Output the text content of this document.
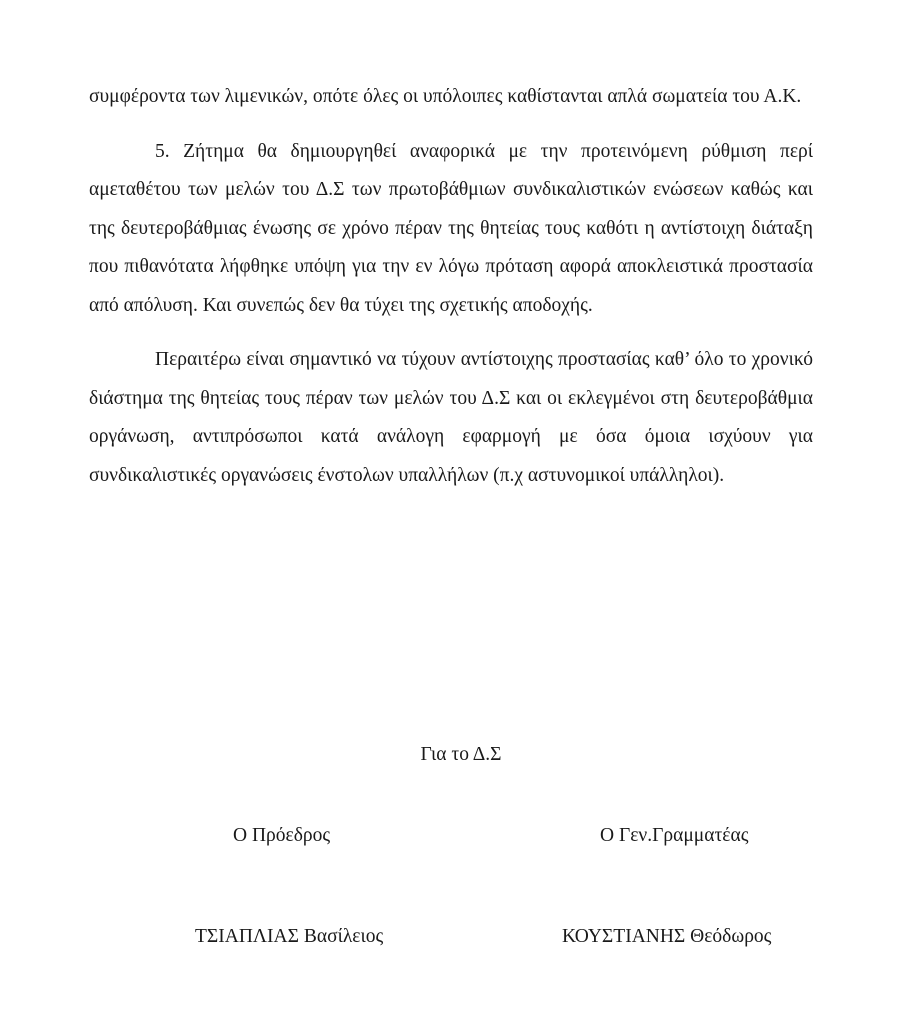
συμφέροντα των λιμενικών, οπότε όλες οι υπόλοιπες καθίστανται απλά σωματεία του Α.Κ.

5. Ζήτημα θα δημιουργηθεί αναφορικά με την προτεινόμενη ρύθμιση περί αμεταθέτου των μελών του Δ.Σ των πρωτοβάθμιων συνδικαλιστικών ενώσεων καθώς και της δευτεροβάθμιας ένωσης σε χρόνο πέραν της θητείας τους καθότι η αντίστοιχη διάταξη που πιθανότατα λήφθηκε υπόψη για την εν λόγω πρόταση αφορά αποκλειστικά προστασία από απόλυση. Και συνεπώς δεν θα τύχει της σχετικής αποδοχής.

Περαιτέρω είναι σημαντικό να τύχουν αντίστοιχης προστασίας καθ’ όλο το χρονικό διάστημα της θητείας τους πέραν των μελών του Δ.Σ και οι εκλεγμένοι στη δευτεροβάθμια οργάνωση, αντιπρόσωποι κατά ανάλογη εφαρμογή με όσα όμοια ισχύουν για συνδικαλιστικές οργανώσεις ένστολων υπαλλήλων (π.χ αστυνομικοί υπάλληλοι).

Για το Δ.Σ
Ο Πρόεδρος	Ο Γεν.Γραμματέας
ΤΣΙΑΠΛΙΑΣ Βασίλειος	ΚΟΥΣΤΙΑΝΗΣ Θεόδωρος
